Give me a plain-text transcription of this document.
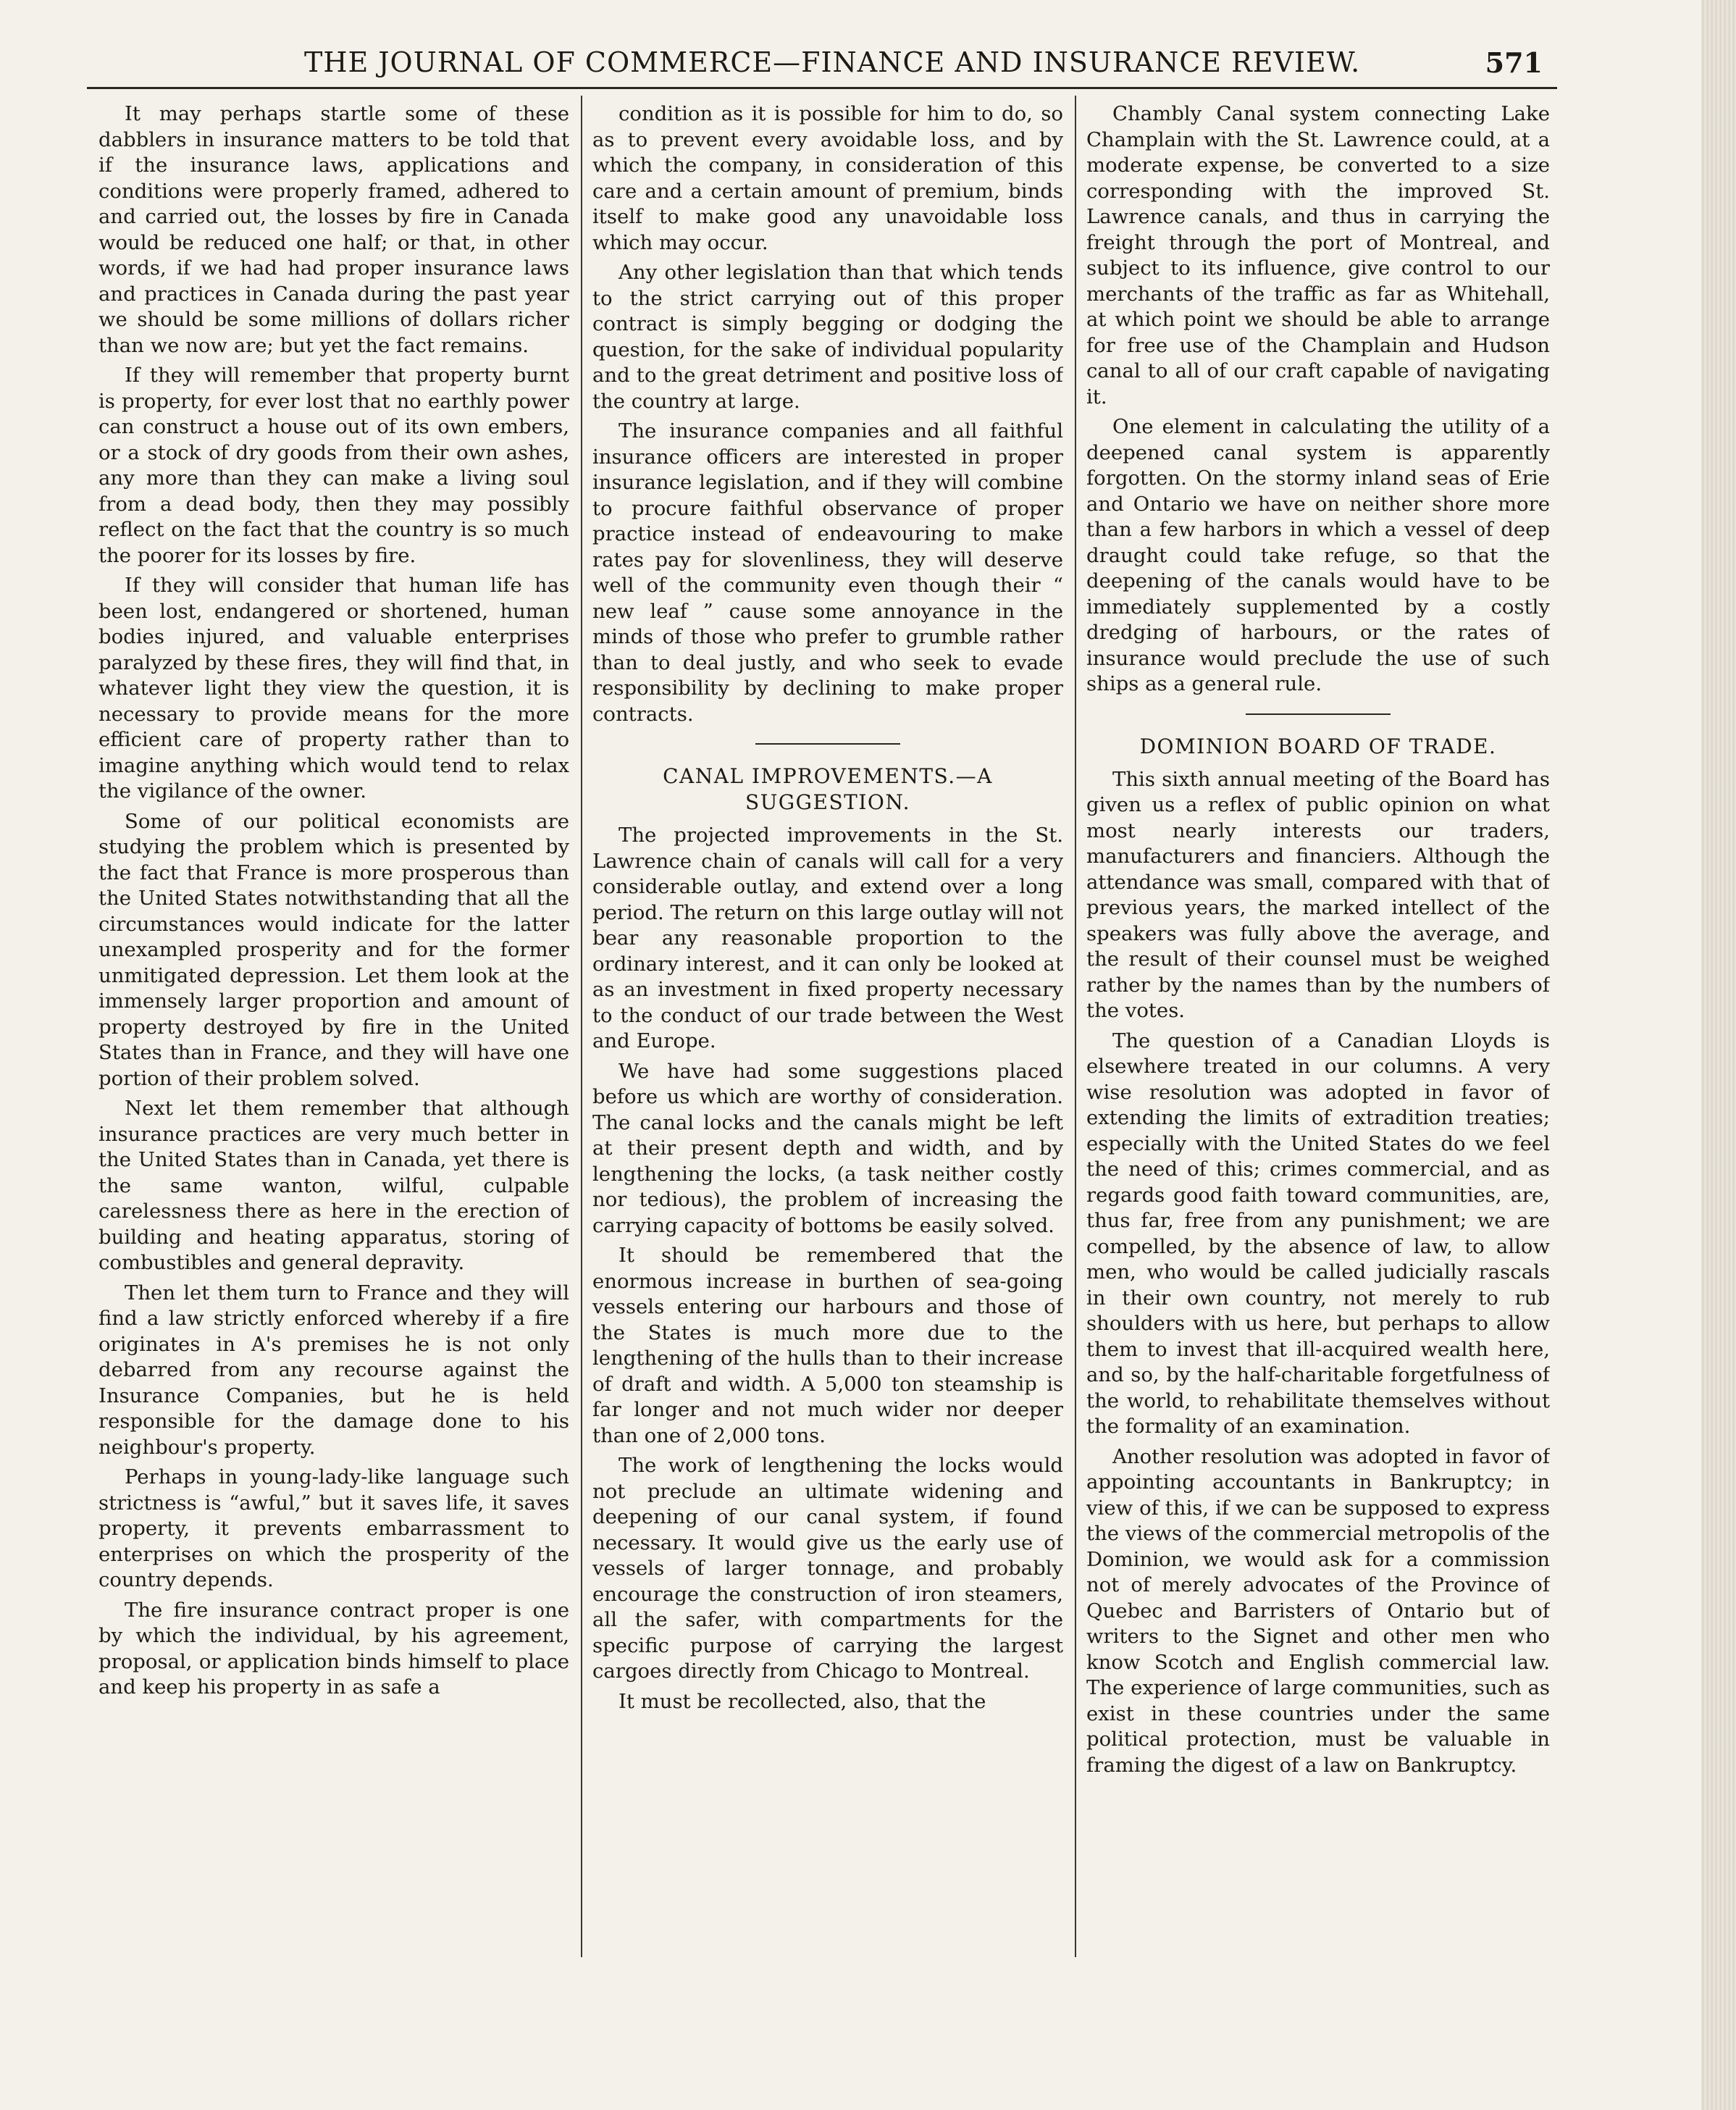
THE JOURNAL OF COMMERCE—FINANCE AND INSURANCE REVIEW.	571

It may perhaps startle some of these dabblers in insurance matters to be told that if the insurance laws, applications and conditions were properly framed, adhered to and carried out, the losses by fire in Canada would be reduced one half; or that, in other words, if we had had proper insurance laws and practices in Canada during the past year we should be some millions of dollars richer than we now are; but yet the fact remains.

If they will remember that property burnt is property, for ever lost that no earthly power can construct a house out of its own embers, or a stock of dry goods from their own ashes, any more than they can make a living soul from a dead body, then they may possibly reflect on the fact that the country is so much the poorer for its losses by fire.

If they will consider that human life has been lost, endangered or shortened, human bodies injured, and valuable enterprises paralyzed by these fires, they will find that, in whatever light they view the question, it is necessary to provide means for the more efficient care of property rather than to imagine anything which would tend to relax the vigilance of the owner.

Some of our political economists are studying the problem which is presented by the fact that France is more prosperous than the United States notwithstanding that all the circumstances would indicate for the latter unexampled prosperity and for the former unmitigated depression. Let them look at the immensely larger proportion and amount of property destroyed by fire in the United States than in France, and they will have one portion of their problem solved.

Next let them remember that although insurance practices are very much better in the United States than in Canada, yet there is the same wanton, wilful, culpable carelessness there as here in the erection of building and heating apparatus, storing of combustibles and general depravity.

Then let them turn to France and they will find a law strictly enforced whereby if a fire originates in A's premises he is not only debarred from any recourse against the Insurance Companies, but he is held responsible for the damage done to his neighbour's property.

Perhaps in young-lady-like language such strictness is “awful,” but it saves life, it saves property, it prevents embarrassment to enterprises on which the prosperity of the country depends.

The fire insurance contract proper is one by which the individual, by his agreement, proposal, or application binds himself to place and keep his property in as safe a

condition as it is possible for him to do, so as to prevent every avoidable loss, and by which the company, in consideration of this care and a certain amount of premium, binds itself to make good any unavoidable loss which may occur.

Any other legislation than that which tends to the strict carrying out of this proper contract is simply begging or dodging the question, for the sake of individual popularity and to the great detriment and positive loss of the country at large.

The insurance companies and all faithful insurance officers are interested in proper insurance legislation, and if they will combine to procure faithful observance of proper practice instead of endeavouring to make rates pay for slovenliness, they will deserve well of the community even though their “ new leaf ” cause some annoyance in the minds of those who prefer to grumble rather than to deal justly, and who seek to evade responsibility by declining to make proper contracts.

CANAL IMPROVEMENTS.—A SUGGESTION.

The projected improvements in the St. Lawrence chain of canals will call for a very considerable outlay, and extend over a long period. The return on this large outlay will not bear any reasonable proportion to the ordinary interest, and it can only be looked at as an investment in fixed property necessary to the conduct of our trade between the West and Europe.

We have had some suggestions placed before us which are worthy of consideration. The canal locks and the canals might be left at their present depth and width, and by lengthening the locks, (a task neither costly nor tedious), the problem of increasing the carrying capacity of bottoms be easily solved.

It should be remembered that the enormous increase in burthen of sea-going vessels entering our harbours and those of the States is much more due to the lengthening of the hulls than to their increase of draft and width. A 5,000 ton steamship is far longer and not much wider nor deeper than one of 2,000 tons.

The work of lengthening the locks would not preclude an ultimate widening and deepening of our canal system, if found necessary. It would give us the early use of vessels of larger tonnage, and probably encourage the construction of iron steamers, all the safer, with compartments for the specific purpose of carrying the largest cargoes directly from Chicago to Montreal.

It must be recollected, also, that the

Chambly Canal system connecting Lake Champlain with the St. Lawrence could, at a moderate expense, be converted to a size corresponding with the improved St. Lawrence canals, and thus in carrying the freight through the port of Montreal, and subject to its influence, give control to our merchants of the traffic as far as Whitehall, at which point we should be able to arrange for free use of the Champlain and Hudson canal to all of our craft capable of navigating it.

One element in calculating the utility of a deepened canal system is apparently forgotten. On the stormy inland seas of Erie and Ontario we have on neither shore more than a few harbors in which a vessel of deep draught could take refuge, so that the deepening of the canals would have to be immediately supplemented by a costly dredging of harbours, or the rates of insurance would preclude the use of such ships as a general rule.

DOMINION BOARD OF TRADE.

This sixth annual meeting of the Board has given us a reflex of public opinion on what most nearly interests our traders, manufacturers and financiers. Although the attendance was small, compared with that of previous years, the marked intellect of the speakers was fully above the average, and the result of their counsel must be weighed rather by the names than by the numbers of the votes.

The question of a Canadian Lloyds is elsewhere treated in our columns. A very wise resolution was adopted in favor of extending the limits of extradition treaties; especially with the United States do we feel the need of this; crimes commercial, and as regards good faith toward communities, are, thus far, free from any punishment; we are compelled, by the absence of law, to allow men, who would be called judicially rascals in their own country, not merely to rub shoulders with us here, but perhaps to allow them to invest that ill-acquired wealth here, and so, by the half-charitable forgetfulness of the world, to rehabilitate themselves without the formality of an examination.

Another resolution was adopted in favor of appointing accountants in Bankruptcy; in view of this, if we can be supposed to express the views of the commercial metropolis of the Dominion, we would ask for a commission not of merely advocates of the Province of Quebec and Barristers of Ontario but of writers to the Signet and other men who know Scotch and English commercial law. The experience of large communities, such as exist in these countries under the same political protection, must be valuable in framing the digest of a law on Bankruptcy.
